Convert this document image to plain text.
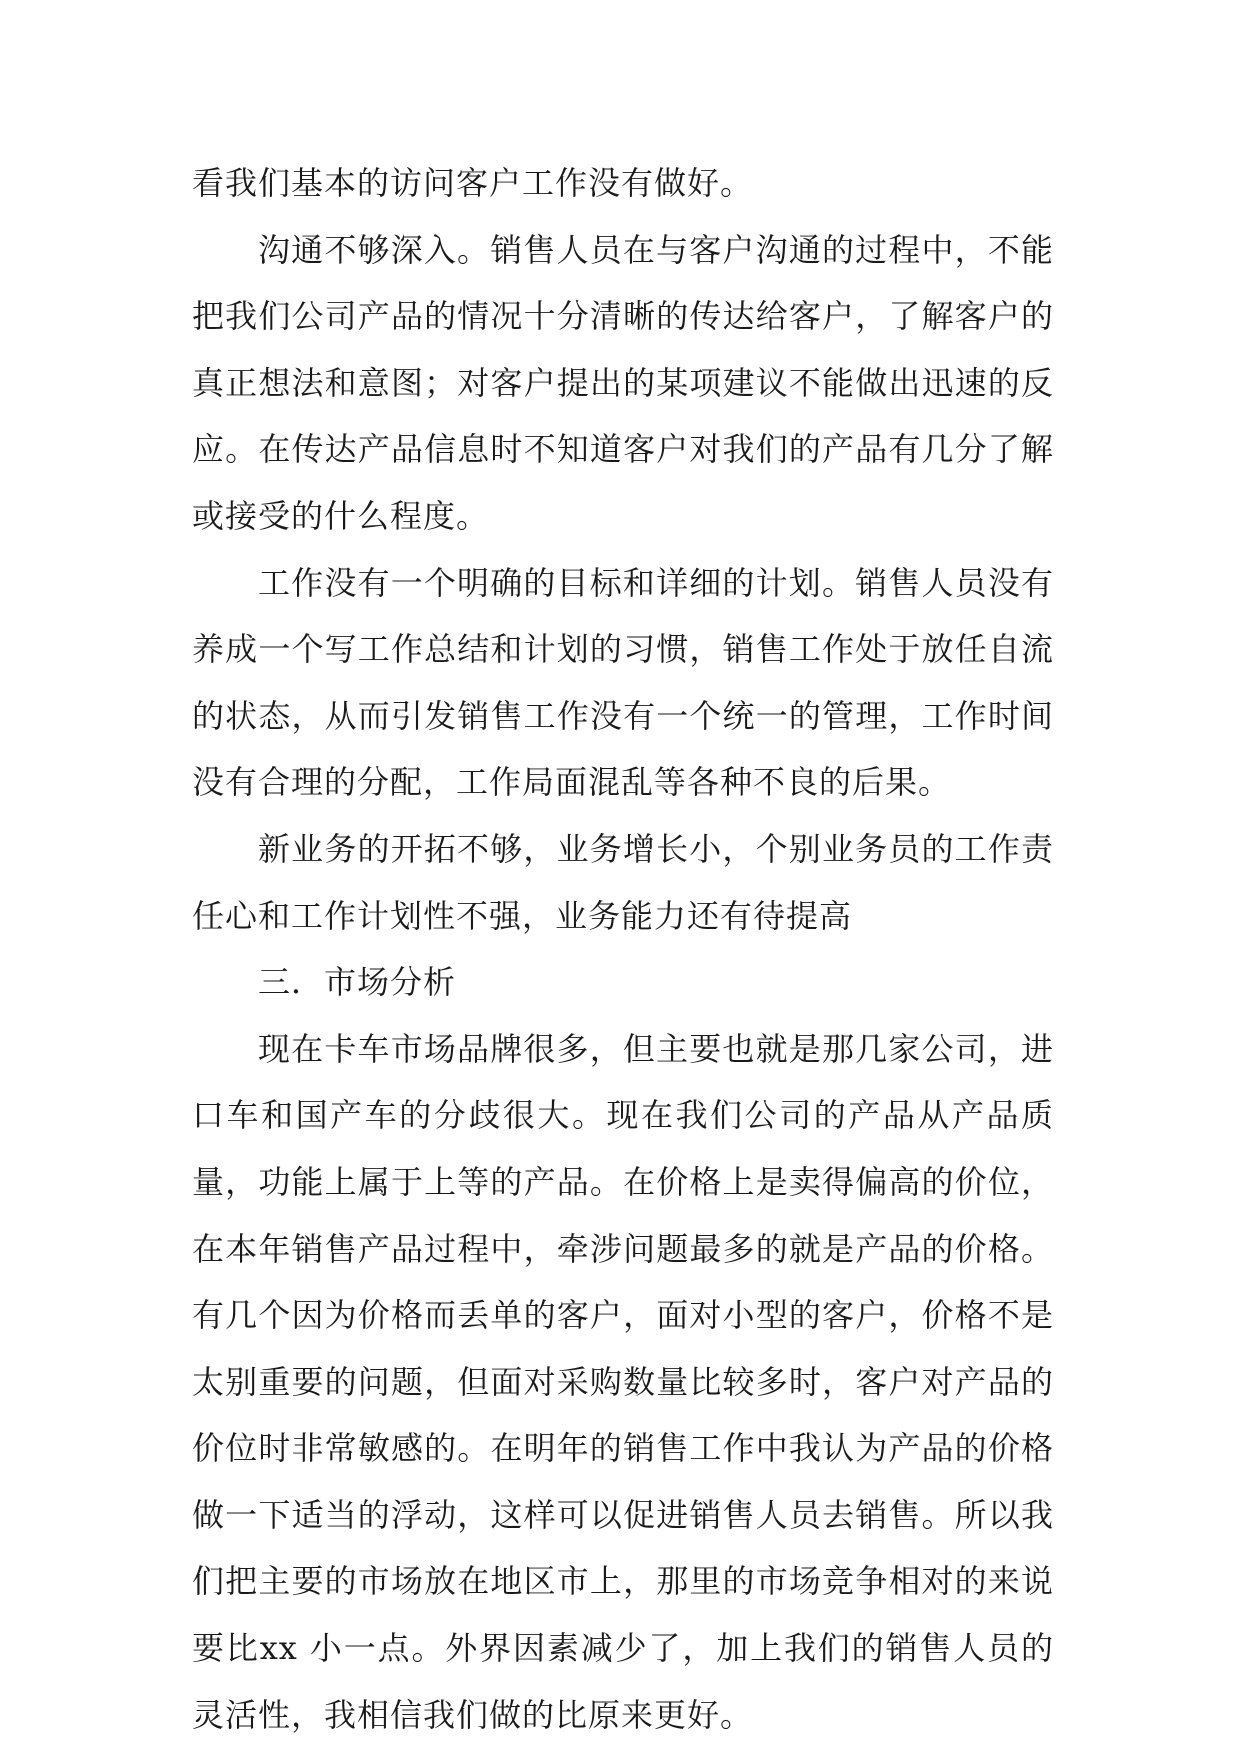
看我们基本的访问客户工作没有做好。

沟通不够深入。销售人员在与客户沟通的过程中，不能把我们公司产品的情况十分清晰的传达给客户，了解客户的真正想法和意图；对客户提出的某项建议不能做出迅速的反应。在传达产品信息时不知道客户对我们的产品有几分了解或接受的什么程度。

工作没有一个明确的目标和详细的计划。销售人员没有养成一个写工作总结和计划的习惯，销售工作处于放任自流的状态，从而引发销售工作没有一个统一的管理，工作时间没有合理的分配，工作局面混乱等各种不良的后果。

新业务的开拓不够，业务增长小，个别业务员的工作责任心和工作计划性不强，业务能力还有待提高

三．市场分析

现在卡车市场品牌很多，但主要也就是那几家公司，进口车和国产车的分歧很大。现在我们公司的产品从产品质量，功能上属于上等的产品。在价格上是卖得偏高的价位，在本年销售产品过程中，牵涉问题最多的就是产品的价格。有几个因为价格而丢单的客户，面对小型的客户，价格不是太别重要的问题，但面对采购数量比较多时，客户对产品的价位时非常敏感的。在明年的销售工作中我认为产品的价格做一下适当的浮动，这样可以促进销售人员去销售。所以我们把主要的市场放在地区市上，那里的市场竞争相对的来说要比xx 小一点。外界因素减少了，加上我们的销售人员的灵活性，我相信我们做的比原来更好。
